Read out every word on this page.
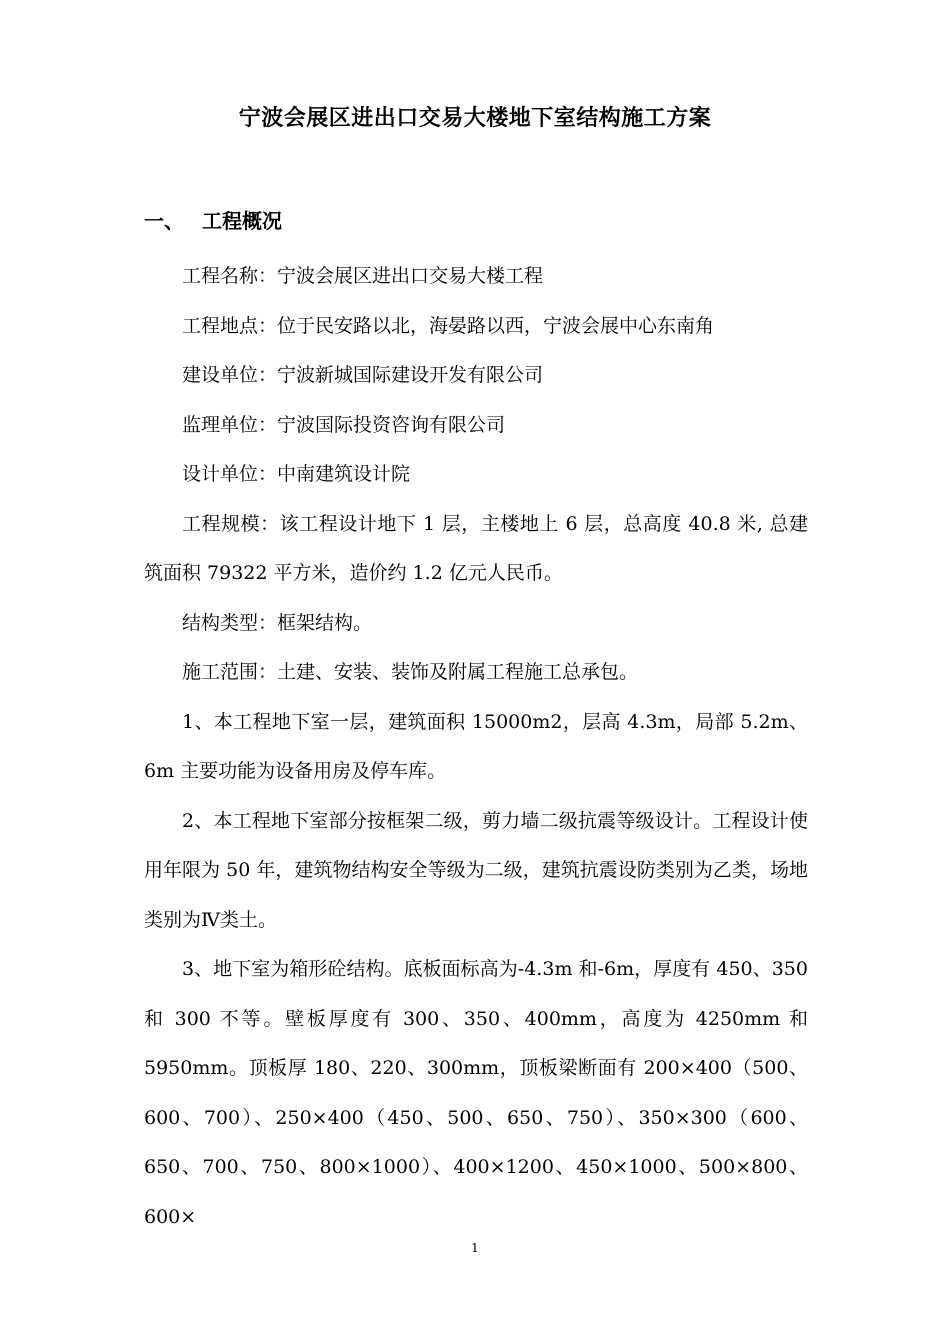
宁波会展区进出口交易大楼地下室结构施工方案
一、 工程概况

工程名称：宁波会展区进出口交易大楼工程

工程地点：位于民安路以北，海晏路以西，宁波会展中心东南角

建设单位：宁波新城国际建设开发有限公司

监理单位：宁波国际投资咨询有限公司

设计单位：中南建筑设计院

工程规模：该工程设计地下 1 层，主楼地上 6 层，总高度 40.8 米, 总建筑面积 79322 平方米，造价约 1.2 亿元人民币。

结构类型：框架结构。

施工范围：土建、安装、装饰及附属工程施工总承包。

1、本工程地下室一层，建筑面积 15000m2，层高 4.3m，局部 5.2m、6m 主要功能为设备用房及停车库。

2、本工程地下室部分按框架二级，剪力墙二级抗震等级设计。工程设计使用年限为 50 年，建筑物结构安全等级为二级，建筑抗震设防类别为乙类，场地类别为Ⅳ类土。

3、地下室为箱形砼结构。底板面标高为-4.3m 和-6m，厚度有 450、350 和 300 不等。壁板厚度有 300、350、400mm，高度为 4250mm 和 5950mm。顶板厚 180、220、300mm，顶板梁断面有 200×400（500、600、700）、250×400（450、500、650、750）、350×300（600、650、700、750、800×1000）、400×1200、450×1000、500×800、600×

1
